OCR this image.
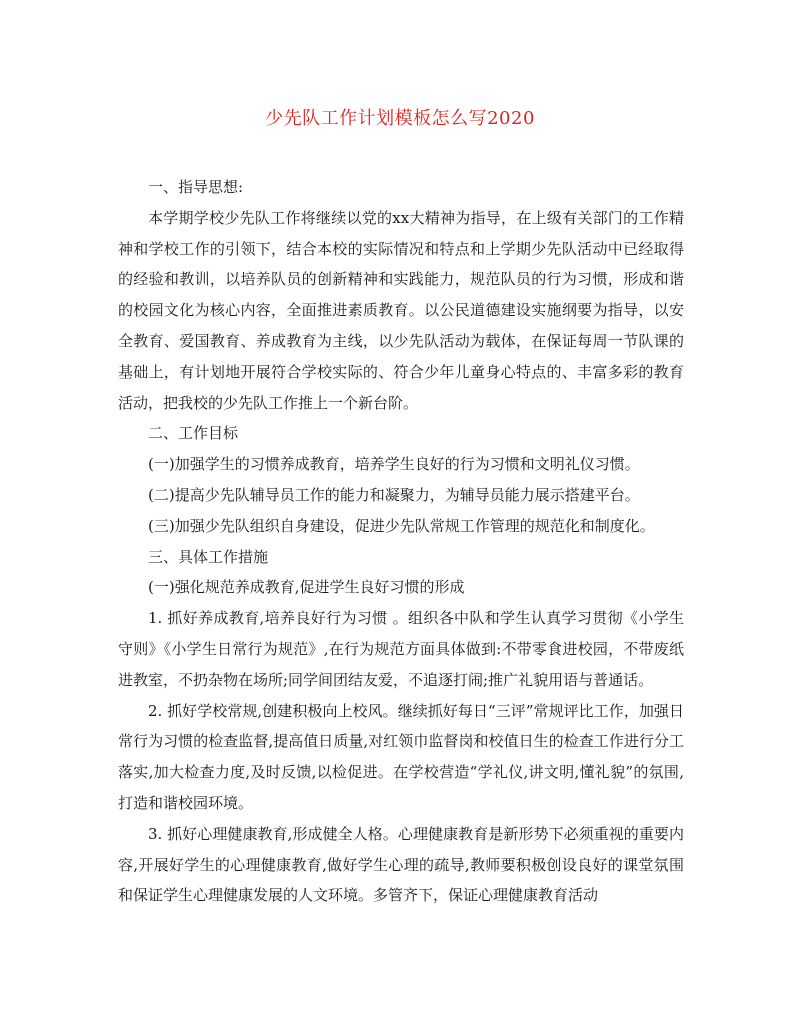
少先队工作计划模板怎么写2020

一、指导思想:

本学期学校少先队工作将继续以党的xx大精神为指导，在上级有关部门的工作精神和学校工作的引领下，结合本校的实际情况和特点和上学期少先队活动中已经取得的经验和教训，以培养队员的创新精神和实践能力，规范队员的行为习惯，形成和谐的校园文化为核心内容，全面推进素质教育。以公民道德建设实施纲要为指导，以安全教育、爱国教育、养成教育为主线，以少先队活动为载体，在保证每周一节队课的基础上，有计划地开展符合学校实际的、符合少年儿童身心特点的、丰富多彩的教育活动，把我校的少先队工作推上一个新台阶。

二、工作目标

(一)加强学生的习惯养成教育，培养学生良好的行为习惯和文明礼仪习惯。

(二)提高少先队辅导员工作的能力和凝聚力，为辅导员能力展示搭建平台。

(三)加强少先队组织自身建设，促进少先队常规工作管理的规范化和制度化。

三、具体工作措施

(一)强化规范养成教育,促进学生良好习惯的形成

1. 抓好养成教育,培养良好行为习惯 。组织各中队和学生认真学习贯彻《小学生守则》《小学生日常行为规范》,在行为规范方面具体做到:不带零食进校园，不带废纸进教室，不扔杂物在场所;同学间团结友爱，不追逐打闹;推广礼貌用语与普通话。

2. 抓好学校常规,创建积极向上校风。继续抓好每日“三评”常规评比工作，加强日常行为习惯的检查监督,提高值日质量,对红领巾监督岗和校值日生的检查工作进行分工落实,加大检查力度,及时反馈,以检促进。在学校营造“学礼仪,讲文明,懂礼貌”的氛围,打造和谐校园环境。

3. 抓好心理健康教育,形成健全人格。心理健康教育是新形势下必须重视的重要内容,开展好学生的心理健康教育,做好学生心理的疏导,教师要积极创设良好的课堂氛围和保证学生心理健康发展的人文环境。多管齐下，保证心理健康教育活动
